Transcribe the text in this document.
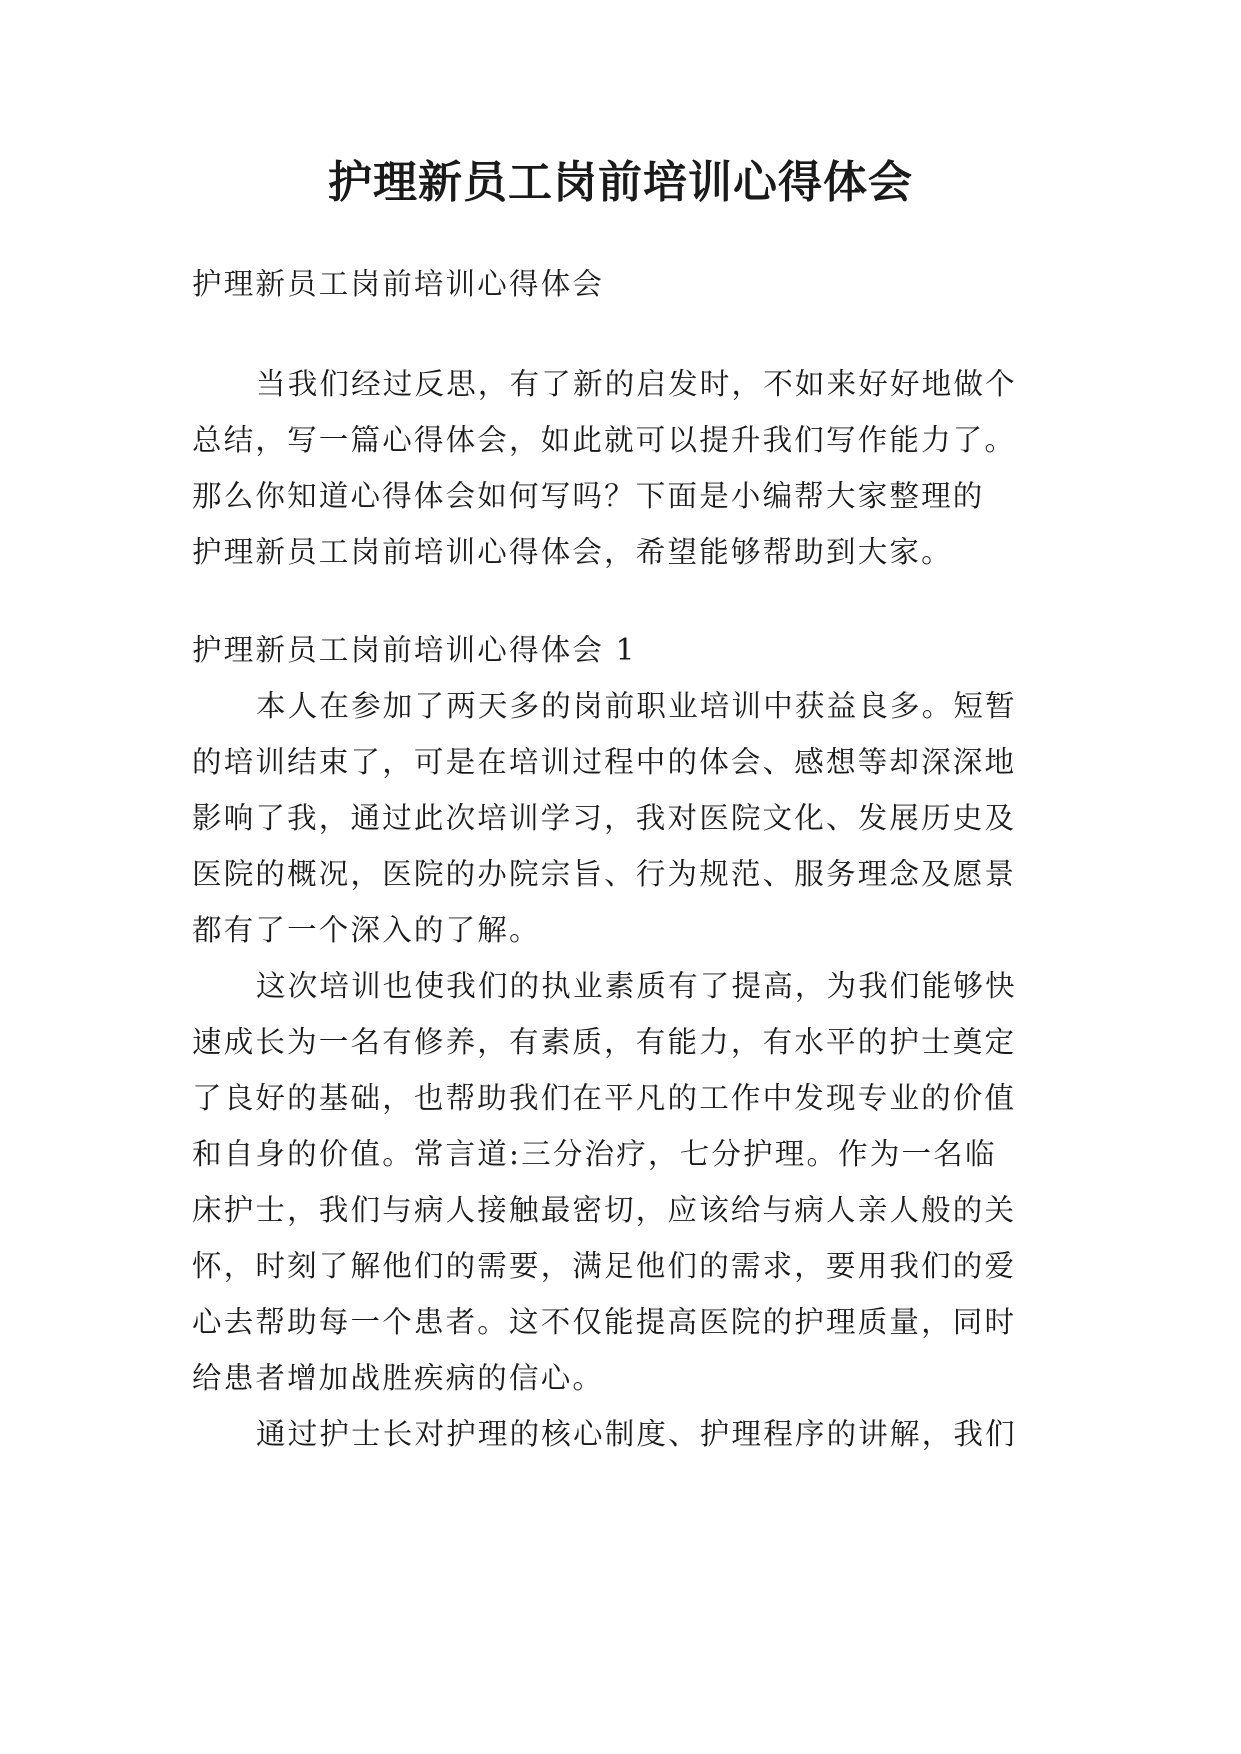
护理新员工岗前培训心得体会
护理新员工岗前培训心得体会
当我们经过反思，有了新的启发时，不如来好好地做个
总结，写一篇心得体会，如此就可以提升我们写作能力了。
那么你知道心得体会如何写吗？下面是小编帮大家整理的
护理新员工岗前培训心得体会，希望能够帮助到大家。
护理新员工岗前培训心得体会 1
本人在参加了两天多的岗前职业培训中获益良多。短暂
的培训结束了，可是在培训过程中的体会、感想等却深深地
影响了我，通过此次培训学习，我对医院文化、发展历史及
医院的概况，医院的办院宗旨、行为规范、服务理念及愿景
都有了一个深入的了解。
这次培训也使我们的执业素质有了提高，为我们能够快
速成长为一名有修养，有素质，有能力，有水平的护士奠定
了良好的基础，也帮助我们在平凡的工作中发现专业的价值
和自身的价值。常言道:三分治疗，七分护理。作为一名临
床护士，我们与病人接触最密切，应该给与病人亲人般的关
怀，时刻了解他们的需要，满足他们的需求，要用我们的爱
心去帮助每一个患者。这不仅能提高医院的护理质量，同时
给患者增加战胜疾病的信心。
通过护士长对护理的核心制度、护理程序的讲解，我们
